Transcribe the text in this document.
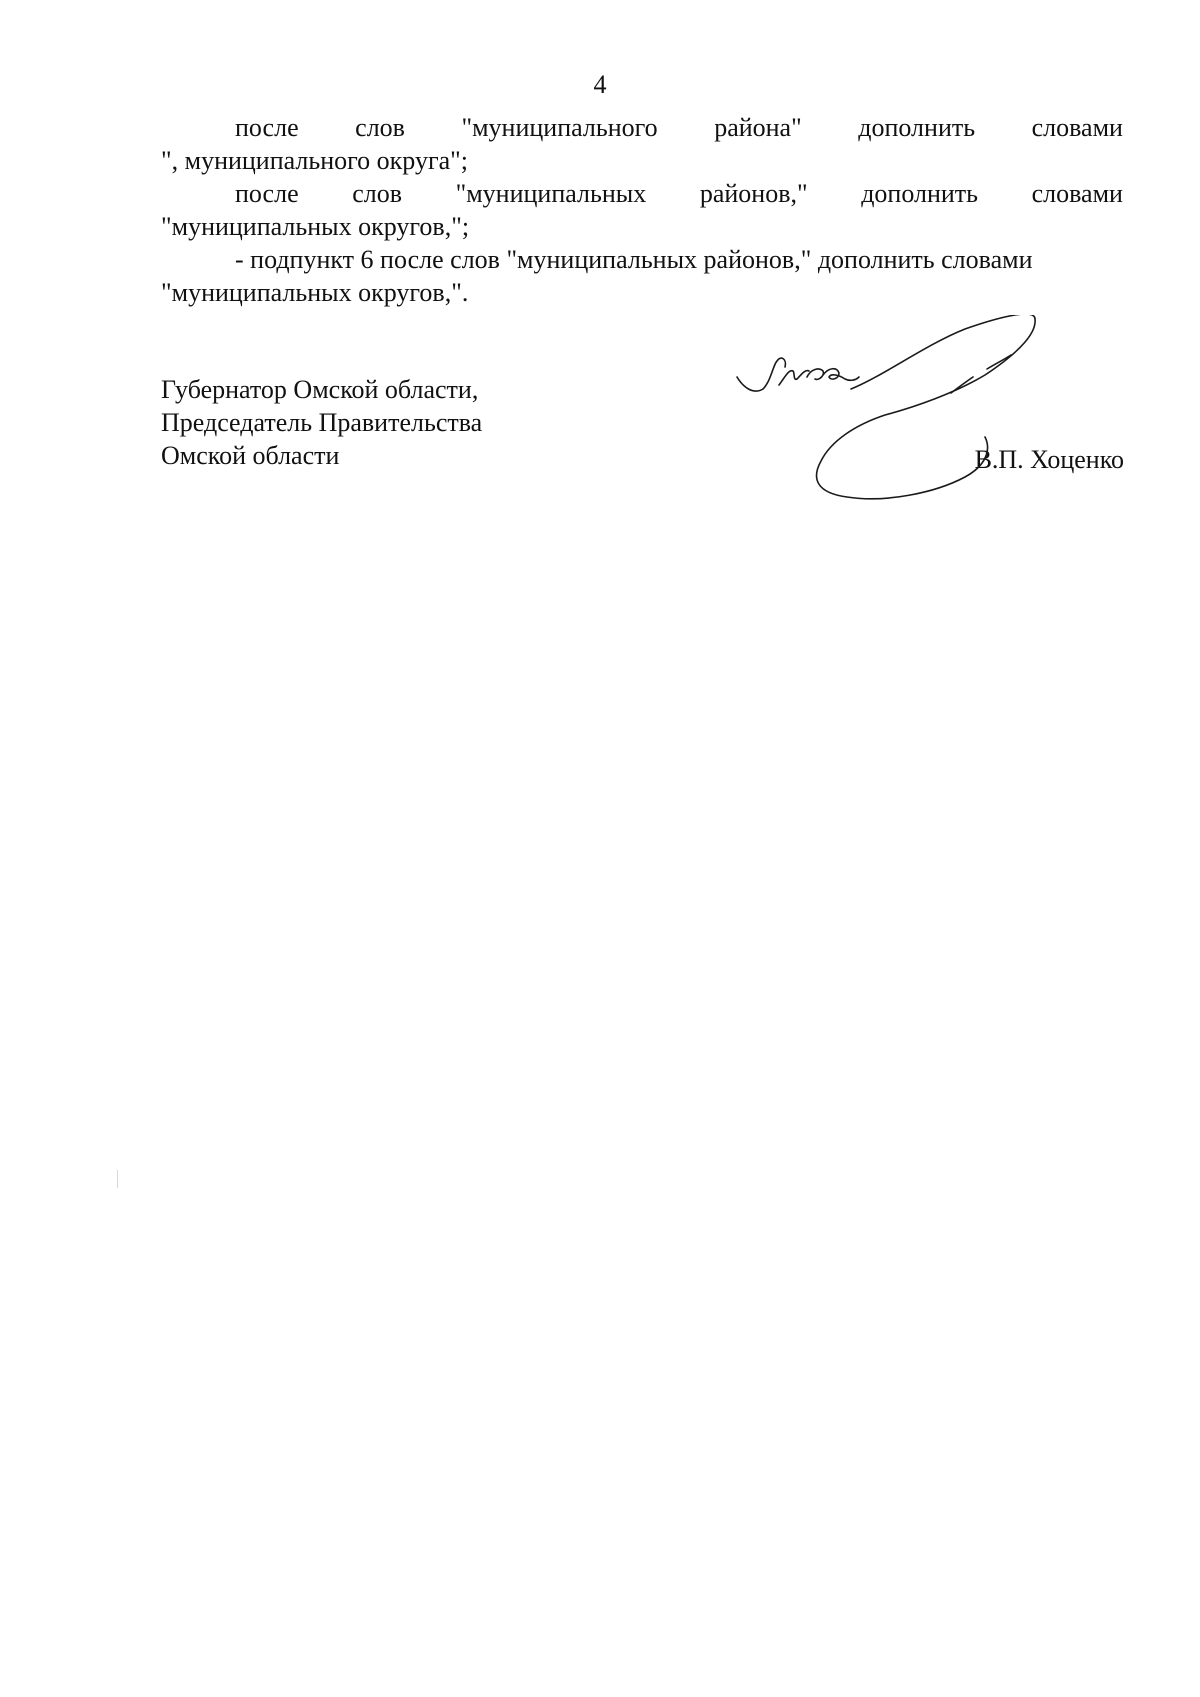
4
после слов "муниципального района" дополнить словами
", муниципального округа";
после слов "муниципальных районов," дополнить словами
"муниципальных округов,";
- подпункт 6 после слов "муниципальных районов," дополнить словами
"муниципальных округов,".
Губернатор Омской области,
Председатель Правительства
Омской области	В.П. Хоценко
